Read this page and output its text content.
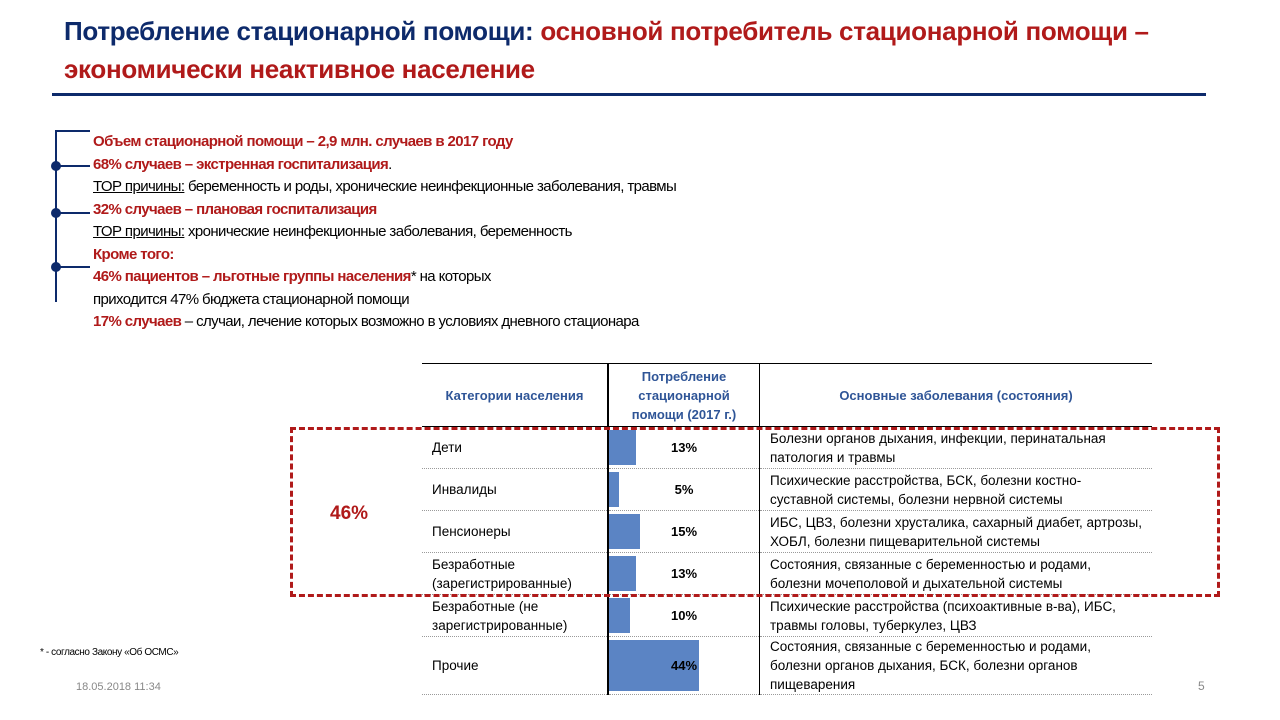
Потребление стационарной помощи: основной потребитель стационарной помощи – экономически неактивное население

Объем стационарной помощи – 2,9 млн. случаев в 2017 году

68% случаев – экстренная госпитализация.

ТОР причины: беременность и роды, хронические неинфекционные заболевания, травмы

32% случаев – плановая госпитализация

ТОР причины: хронические неинфекционные заболевания, беременность

Кроме того:

46% пациентов – льготные группы населения* на которых

приходится 47% бюджета стационарной помощи

17% случаев – случаи, лечение которых возможно в условиях дневного стационара

Категории населения	Потребление стационарной помощи (2017 г.)	Основные заболевания (состояния)
Дети	13%	Болезни органов дыхания, инфекции, перинатальная патология и травмы
Инвалиды	5%	Психические расстройства, БСК, болезни костно-суставной системы, болезни нервной системы
Пенсионеры	15%	ИБС, ЦВЗ, болезни хрусталика, сахарный диабет, артрозы, ХОБЛ, болезни пищеварительной системы
Безработные (зарегистрированные)	13%	Состояния, связанные с беременностью и родами, болезни мочеполовой и дыхательной системы
Безработные (не зарегистрированные)	10%	Психические расстройства (психоактивные в-ва), ИБС, травмы головы, туберкулез, ЦВЗ
Прочие	44%	Состояния, связанные с беременностью и родами, болезни органов дыхания, БСК, болезни органов пищеварения
46%
* - согласно Закону «Об ОСМС»
18.05.2018 11:34	5
